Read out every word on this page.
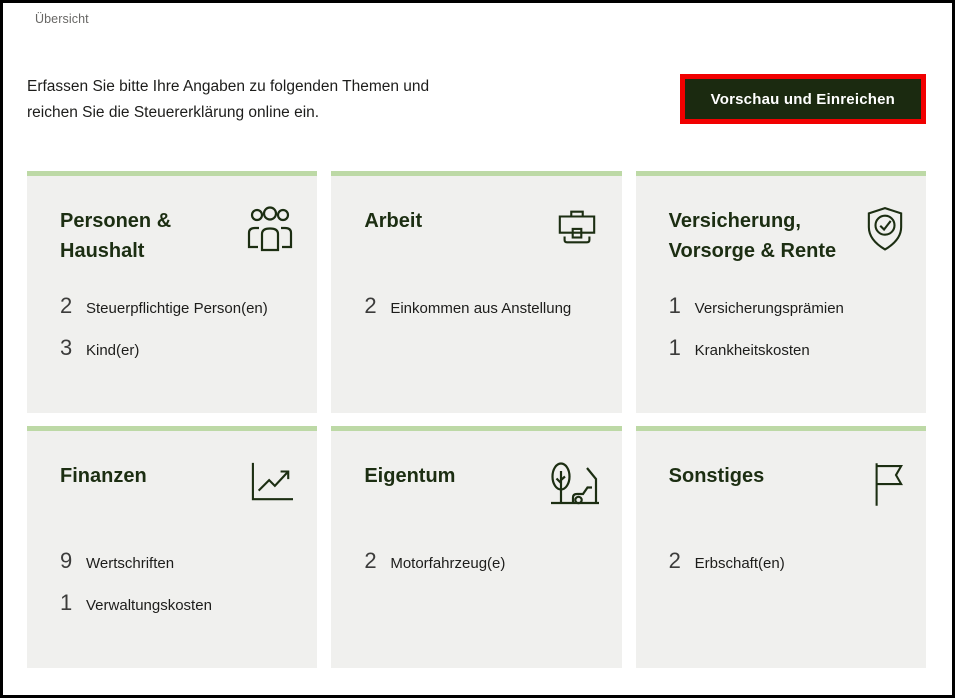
Übersicht

Erfassen Sie bitte Ihre Angaben zu folgenden Themen und reichen Sie die Steuererklärung online ein.

Vorschau und Einreichen
Personen & Haushalt
2 Steuerpflichtige Person(en)
3 Kind(er)
Arbeit
2 Einkommen aus Anstellung
Versicherung, Vorsorge & Rente
1 Versicherungsprämien
1 Krankheitskosten
Finanzen
9 Wertschriften
1 Verwaltungskosten
Eigentum
2 Motorfahrzeug(e)
Sonstiges
2 Erbschaft(en)
